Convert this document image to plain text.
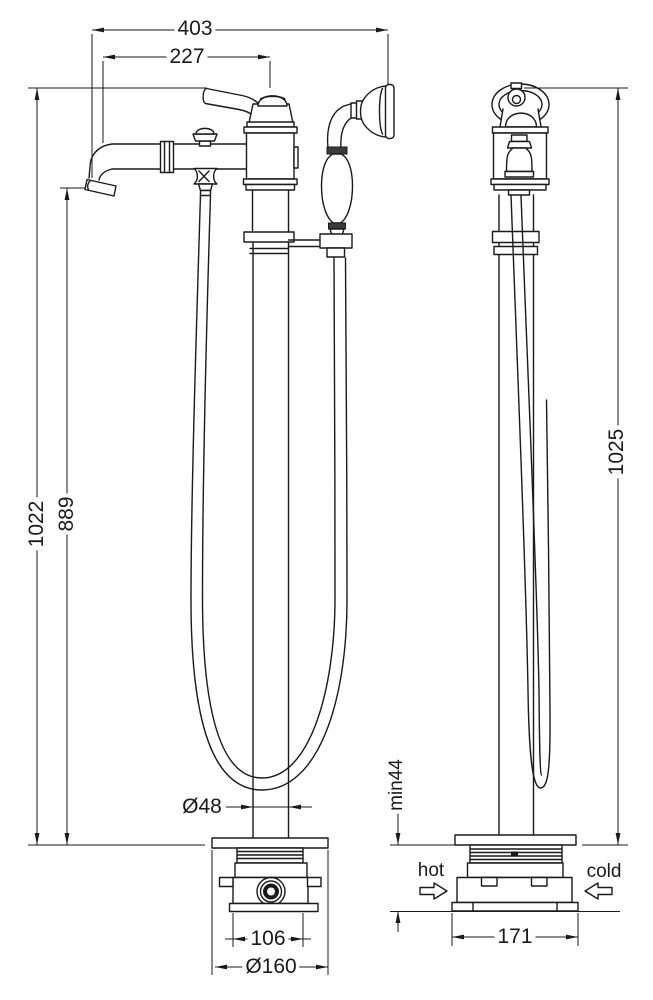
403
227
1022 889
1025
Ø48
106
Ø160
min44
171
hot	cold
